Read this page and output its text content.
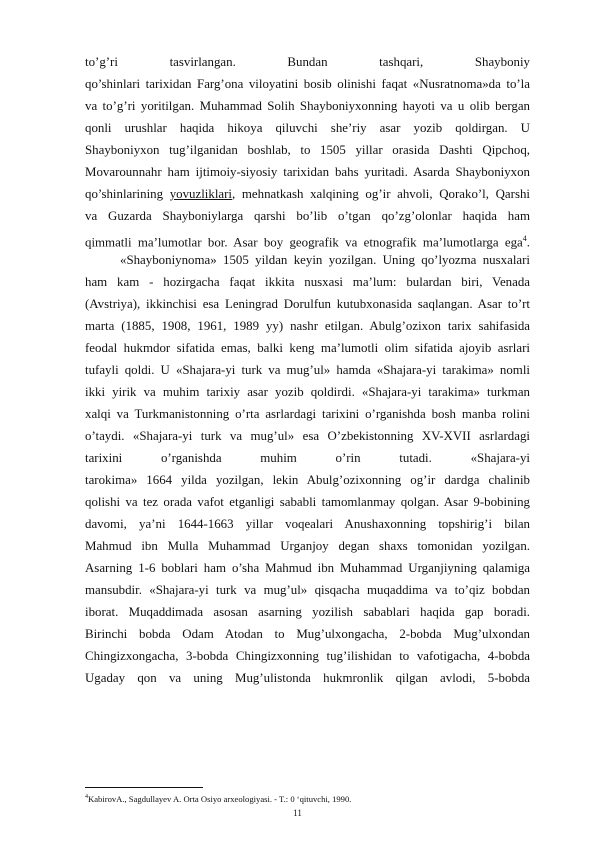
to’g’ri tasvirlangan. Bundan tashqari, Shayboniy
qo’shinlari tarixidan Farg’ona viloyatini bosib olinishi faqat «Nusratnoma»da to’la
va to’g’ri yoritilgan. Muhammad Solih Shayboniyxonning hayoti va u olib bergan
qonli urushlar haqida hikoya qiluvchi she’riy asar yozib qoldirgan. U
Shayboniyxon tug’ilganidan boshlab, to 1505 yillar orasida Dashti Qipchoq,
Movarounnahr ham ijtimoiy-siyosiy tarixidan bahs yuritadi. Asarda Shayboniyxon
qo’shinlarining yovuzliklari, mehnatkash xalqining og’ir ahvoli, Qorako’l, Qarshi
va Guzarda Shayboniylarga qarshi bo’lib o’tgan qo’zg’olonlar haqida ham
qimmatli ma’lumotlar bor. Asar boy geografik va etnografik ma’lumotlarga ega$^4$.
«Shayboniynoma» 1505 yildan keyin yozilgan. Uning qo’lyozma nusxalari
ham kam - hozirgacha faqat ikkita nusxasi ma’lum: bulardan biri, Venada
(Avstriya), ikkinchisi esa Leningrad Dorulfun kutubxonasida saqlangan. Asar to’rt
marta (1885, 1908, 1961, 1989 yy) nashr etilgan. Abulg’ozixon tarix sahifasida
feodal hukmdor sifatida emas, balki keng ma’lumotli olim sifatida ajoyib asrlari
tufayli qoldi. U «Shajara-yi turk va mug’ul» hamda «Shajara-yi tarakima» nomli
ikki yirik va muhim tarixiy asar yozib qoldirdi. «Shajara-yi tarakima» turkman
xalqi va Turkmanistonning o’rta asrlardagi tarixini o’rganishda bosh manba rolini
o’taydi. «Shajara-yi turk va mug’ul» esa O’zbekistonning XV-XVII asrlardagi
tarixini o’rganishda muhim o’rin tutadi. «Shajara-yi
tarokima» 1664 yilda yozilgan, lekin Abulg’ozixonning og’ir dardga chalinib
qolishi va tez orada vafot etganligi sababli tamomlanmay qolgan. Asar 9-bobining
davomi, ya’ni 1644-1663 yillar voqealari Anushaxonning topshirig’i bilan
Mahmud ibn Mulla Muhammad Urganjoy degan shaxs tomonidan yozilgan.
Asarning 1-6 boblari ham o’sha Mahmud ibn Muhammad Urganjiyning qalamiga
mansubdir. «Shajara-yi turk va mug’ul» qisqacha muqaddima va to’qiz bobdan
iborat. Muqaddimada asosan asarning yozilish sabablari haqida gap boradi.
Birinchi bobda Odam Atodan to Mug’ulxongacha, 2-bobda Mug’ulxondan
Chingizxongacha, 3-bobda Chingizxonning tug’ilishidan to vafotigacha, 4-bobda
Ugaday qon va uning Mug’ulistonda hukmronlik qilgan avlodi, 5-bobda
$^4$KabirovA., Sagdullayev A. Orta Osiyo arxeologiyasi. - T.: 0 ‘qituvchi, 1990.
11
